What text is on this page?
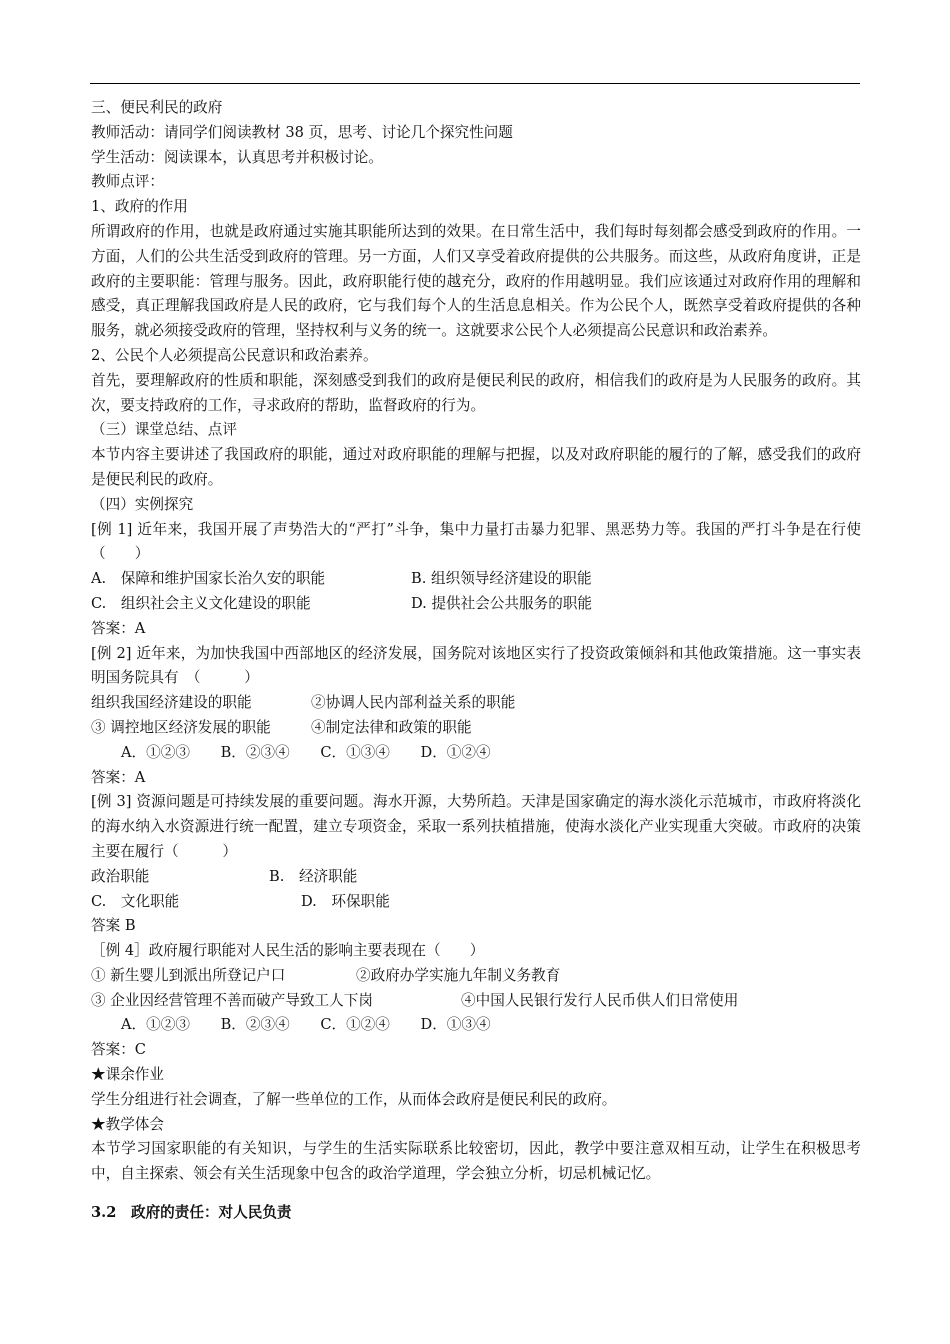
三、便民利民的政府
教师活动：请同学们阅读教材 38 页，思考、讨论几个探究性问题
学生活动：阅读课本，认真思考并积极讨论。
教师点评：
1、政府的作用
所谓政府的作用，也就是政府通过实施其职能所达到的效果。在日常生活中，我们每时每刻都会感受到政府的作用。一方面，人们的公共生活受到政府的管理。另一方面，人们又享受着政府提供的公共服务。而这些，从政府角度讲，正是政府的主要职能：管理与服务。因此，政府职能行使的越充分，政府的作用越明显。我们应该通过对政府作用的理解和感受，真正理解我国政府是人民的政府，它与我们每个人的生活息息相关。作为公民个人，既然享受着政府提供的各种服务，就必须接受政府的管理，坚持权利与义务的统一。这就要求公民个人必须提高公民意识和政治素养。
2、公民个人必须提高公民意识和政治素养。
首先，要理解政府的性质和职能，深刻感受到我们的政府是便民利民的政府，相信我们的政府是为人民服务的政府。其次，要支持政府的工作，寻求政府的帮助，监督政府的行为。
（三）课堂总结、点评
本节内容主要讲述了我国政府的职能，通过对政府职能的理解与把握，以及对政府职能的履行的了解，感受我们的政府是便民利民的政府。
（四）实例探究
[例 1] 近年来，我国开展了声势浩大的“严打”斗争，集中力量打击暴力犯罪、黑恶势力等。我国的严打斗争是在行使（　　）
A.　保障和维护国家长治久安的职能	B. 组织领导经济建设的职能
C.　组织社会主义文化建设的职能	D. 提供社会公共服务的职能
答案：A
[例 2] 近年来，为加快我国中西部地区的经济发展，国务院对该地区实行了投资政策倾斜和其他政策措施。这一事实表明国务院具有　（　　　）
组织我国经济建设的职能	②协调人民内部利益关系的职能
③ 调控地区经济发展的职能	④制定法律和政策的职能
A．①②③ B．②③④ C．①③④ D．①②④
答案：A
[例 3] 资源问题是可持续发展的重要问题。海水开源，大势所趋。天津是国家确定的海水淡化示范城市，市政府将淡化的海水纳入水资源进行统一配置，建立专项资金，采取一系列扶植措施，使海水淡化产业实现重大突破。市政府的决策主要在履行（　　　）
政治职能	B.　经济职能
C.　文化职能	D.　环保职能
答案 B
［例 4］政府履行职能对人民生活的影响主要表现在（　　）
① 新生婴儿到派出所登记户口	②政府办学实施九年制义务教育
③ 企业因经营管理不善而破产导致工人下岗	④中国人民银行发行人民币供人们日常使用
A．①②③ B．②③④ C．①②④ D．①③④
答案：C
★课余作业
学生分组进行社会调查，了解一些单位的工作，从而体会政府是便民利民的政府。
★教学体会
本节学习国家职能的有关知识，与学生的生活实际联系比较密切，因此，教学中要注意双相互动，让学生在积极思考中，自主探索、领会有关生活现象中包含的政治学道理，学会独立分析，切忌机械记忆。
3.2　政府的责任：对人民负责
